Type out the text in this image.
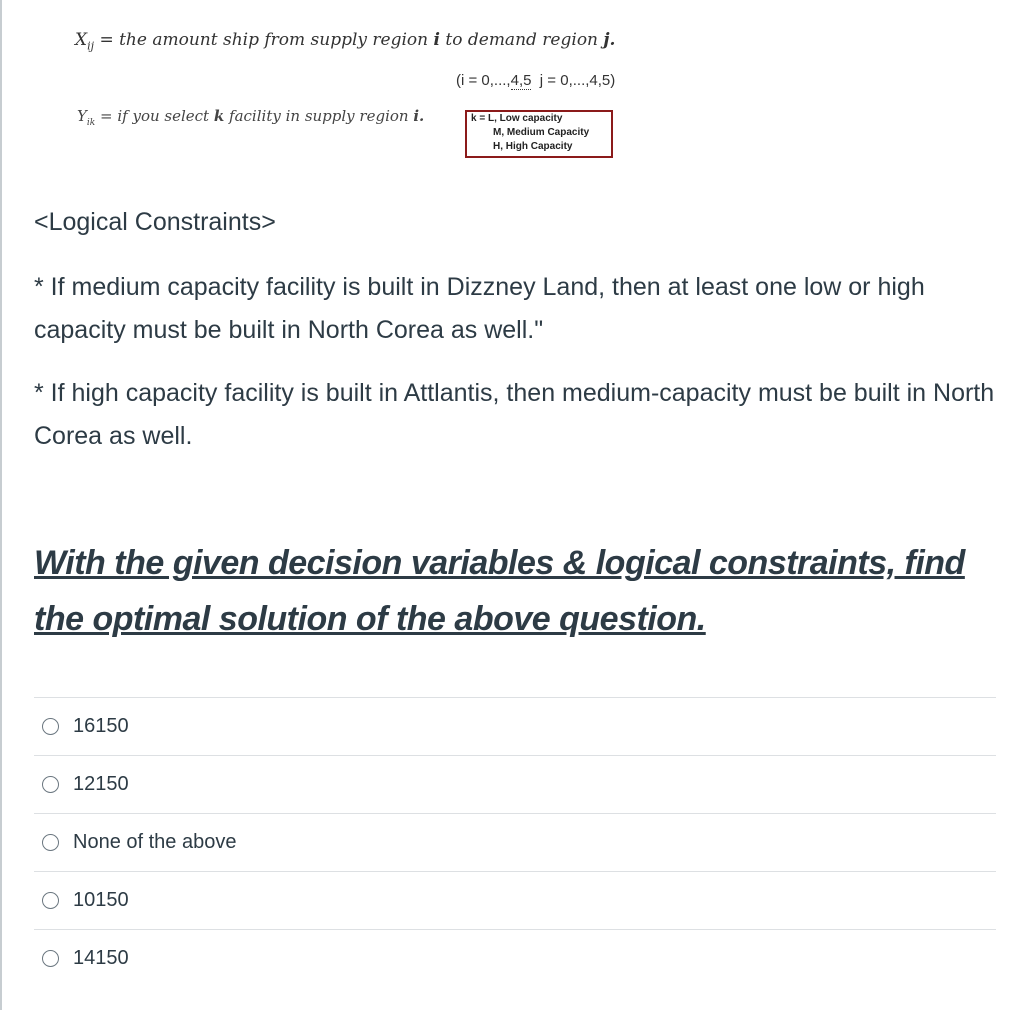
$X_{ij}$ = the amount ship from supply region i to demand region j.
(i = 0,...,4,5  j = 0,...,4,5)
$Y_{ik}$ = if you select k facility in supply region i.	k = L, Low capacity
M, Medium Capacity
H, High Capacity
<Logical Constraints>
* If medium capacity facility is built in Dizzney Land, then at least one low or high capacity must be built in North Corea as well."
* If high capacity facility is built in Attlantis, then medium-capacity must be built in North Corea as well.
With the given decision variables & logical constraints, find the optimal solution of the above question.
16150
12150
None of the above
10150
14150
